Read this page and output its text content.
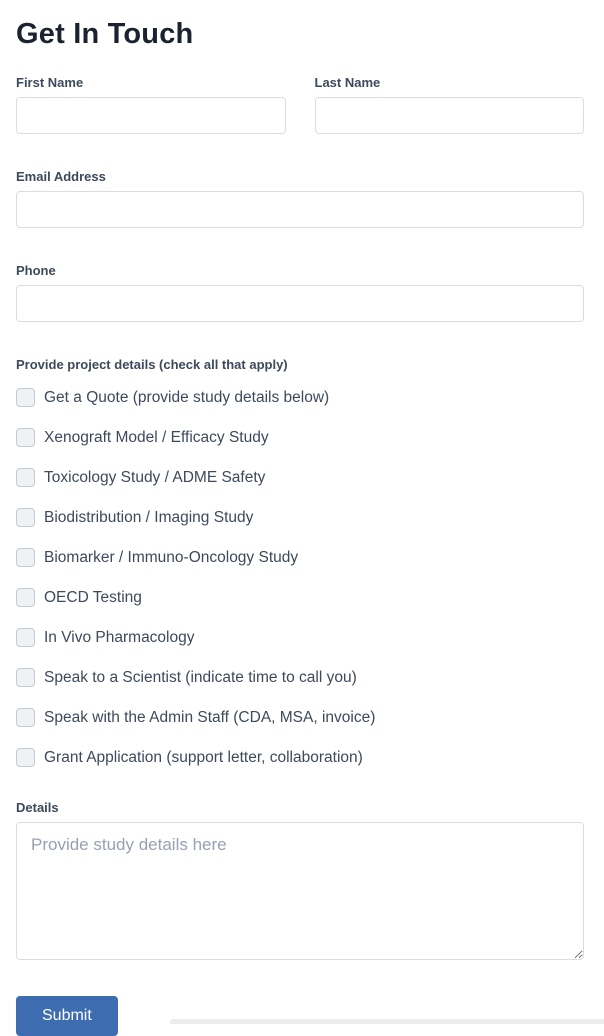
Get In Touch
First Name	Last Name
Email Address
Phone
Provide project details (check all that apply)
Get a Quote (provide study details below)
Xenograft Model / Efficacy Study
Toxicology Study / ADME Safety
Biodistribution / Imaging Study
Biomarker / Immuno-Oncology Study
OECD Testing
In Vivo Pharmacology
Speak to a Scientist (indicate time to call you)
Speak with the Admin Staff (CDA, MSA, invoice)
Grant Application (support letter, collaboration)
Details
Provide study details here
Submit
